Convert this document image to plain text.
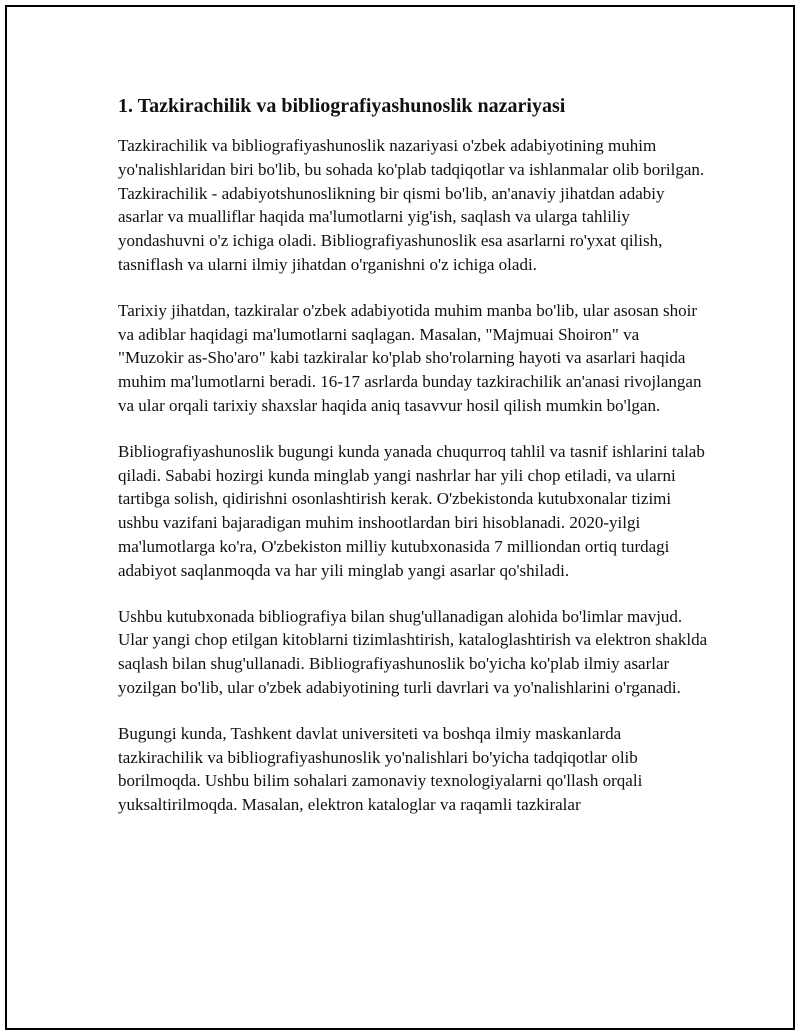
1. Tazkirachilik va bibliografiyashunoslik nazariyasi

Tazkirachilik va bibliografiyashunoslik nazariyasi o'zbek adabiyotining muhim yo'nalishlaridan biri bo'lib, bu sohada ko'plab tadqiqotlar va ishlanmalar olib borilgan. Tazkirachilik - adabiyotshunoslikning bir qismi bo'lib, an'anaviy jihatdan adabiy asarlar va mualliflar haqida ma'lumotlarni yig'ish, saqlash va ularga tahliliy yondashuvni o'z ichiga oladi. Bibliografiyashunoslik esa asarlarni ro'yxat qilish, tasniflash va ularni ilmiy jihatdan o'rganishni o'z ichiga oladi.

Tarixiy jihatdan, tazkiralar o'zbek adabiyotida muhim manba bo'lib, ular asosan shoir va adiblar haqidagi ma'lumotlarni saqlagan. Masalan, "Majmuai Shoiron" va "Muzokir as-Sho'aro" kabi tazkiralar ko'plab sho'rolarning hayoti va asarlari haqida muhim ma'lumotlarni beradi. 16-17 asrlarda bunday tazkirachilik an'anasi rivojlangan va ular orqali tarixiy shaxslar haqida aniq tasavvur hosil qilish mumkin bo'lgan.

Bibliografiyashunoslik bugungi kunda yanada chuqurroq tahlil va tasnif ishlarini talab qiladi. Sababi hozirgi kunda minglab yangi nashrlar har yili chop etiladi, va ularni tartibga solish, qidirishni osonlashtirish kerak. O'zbekistonda kutubxonalar tizimi ushbu vazifani bajaradigan muhim inshootlardan biri hisoblanadi. 2020-yilgi ma'lumotlarga ko'ra, O'zbekiston milliy kutubxonasida 7 milliondan ortiq turdagi adabiyot saqlanmoqda va har yili minglab yangi asarlar qo'shiladi.

Ushbu kutubxonada bibliografiya bilan shug'ullanadigan alohida bo'limlar mavjud. Ular yangi chop etilgan kitoblarni tizimlashtirish, kataloglashtirish va elektron shaklda saqlash bilan shug'ullanadi. Bibliografiyashunoslik bo'yicha ko'plab ilmiy asarlar yozilgan bo'lib, ular o'zbek adabiyotining turli davrlari va yo'nalishlarini o'rganadi.

Bugungi kunda, Tashkent davlat universiteti va boshqa ilmiy maskanlarda tazkirachilik va bibliografiyashunoslik yo'nalishlari bo'yicha tadqiqotlar olib borilmoqda. Ushbu bilim sohalari zamonaviy texnologiyalarni qo'llash orqali yuksaltirilmoqda. Masalan, elektron kataloglar va raqamli tazkiralar
